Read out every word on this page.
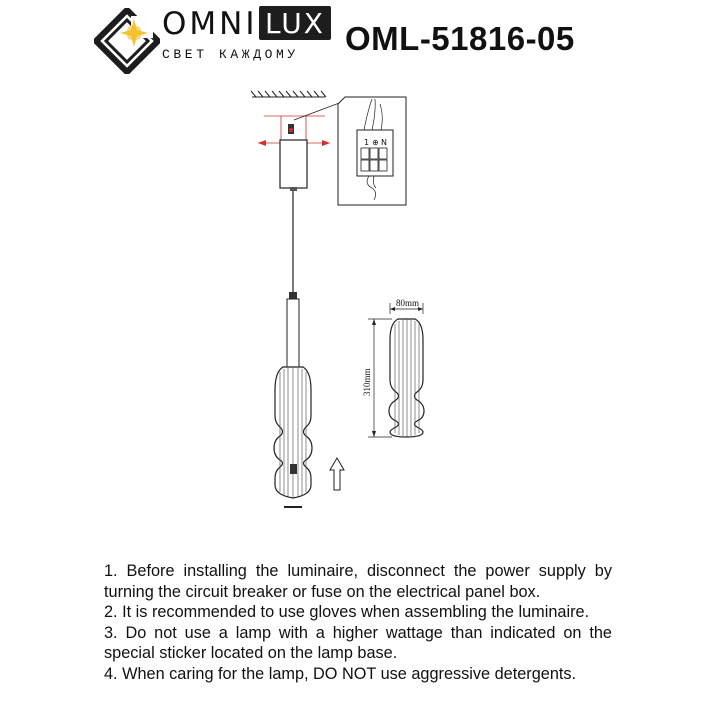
OMNI LUX
СВЕТ КАЖДОМУ OML-51816-05
1 ⊕ N
80mm
310mm

1. Before installing the luminaire, disconnect the power supply by turning the circuit breaker or fuse on the electrical panel box.

2. It is recommended to use gloves when assembling the luminaire.

3. Do not use a lamp with a higher wattage than indicated on the special sticker located on the lamp base.

4. When caring for the lamp, DO NOT use aggressive detergents.
